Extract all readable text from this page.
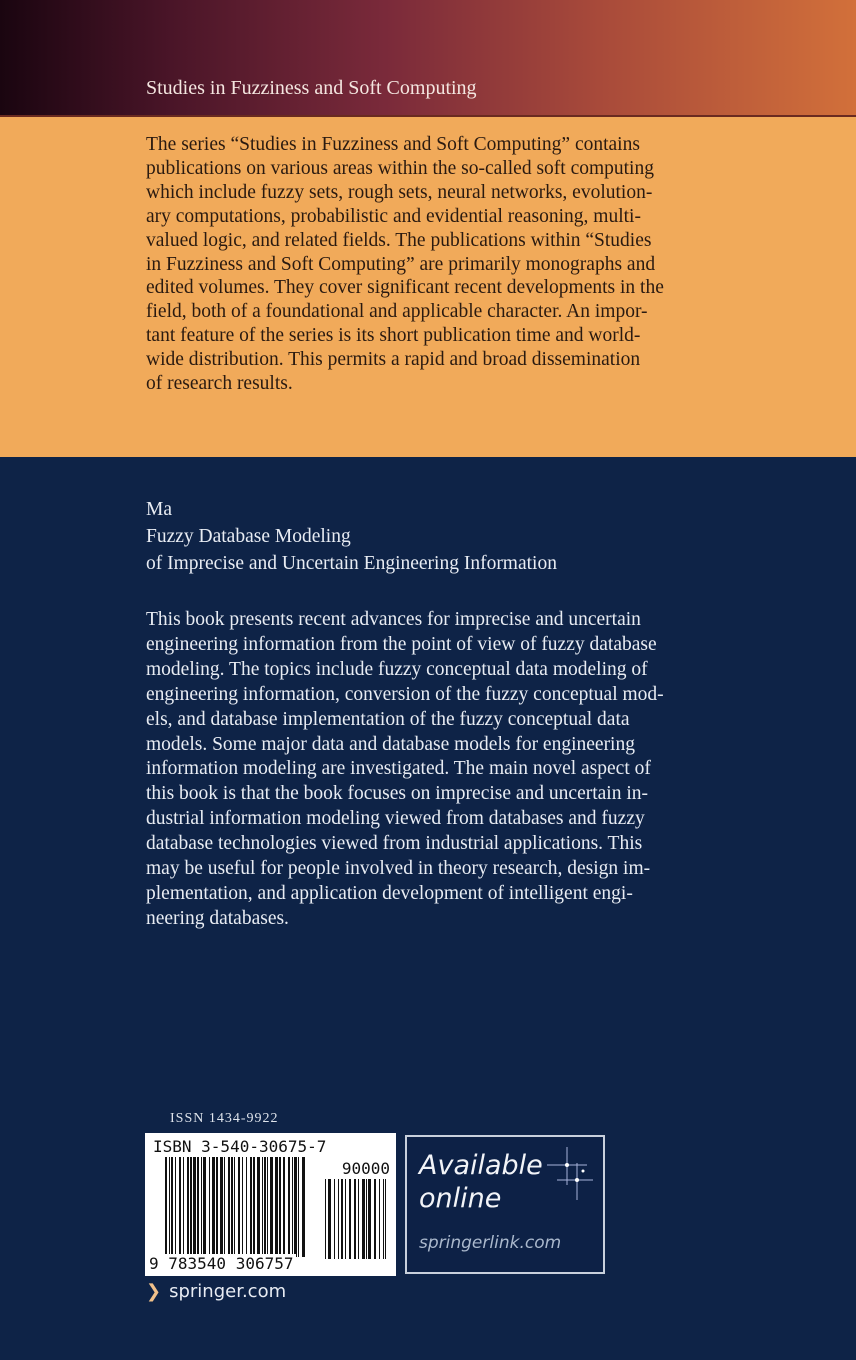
Studies in Fuzziness and Soft Computing
The series “Studies in Fuzziness and Soft Computing” contains
publications on various areas within the so-called soft computing
which include fuzzy sets, rough sets, neural networks, evolution-
ary computations, probabilistic and evidential reasoning, multi-
valued logic, and related fields. The publications within “Studies
in Fuzziness and Soft Computing” are primarily monographs and
edited volumes. They cover significant recent developments in the
field, both of a foundational and applicable character. An impor-
tant feature of the series is its short publication time and world-
wide distribution. This permits a rapid and broad dissemination
of research results.
Ma
Fuzzy Database Modeling
of Imprecise and Uncertain Engineering Information
This book presents recent advances for imprecise and uncertain
engineering information from the point of view of fuzzy database
modeling. The topics include fuzzy conceptual data modeling of
engineering information, conversion of the fuzzy conceptual mod-
els, and database implementation of the fuzzy conceptual data
models. Some major data and database models for engineering
information modeling are investigated. The main novel aspect of
this book is that the book focuses on imprecise and uncertain in-
dustrial information modeling viewed from databases and fuzzy
database technologies viewed from industrial applications. This
may be useful for people involved in theory research, design im-
plementation, and application development of intelligent engi-
neering databases.
ISSN 1434-9922
ISBN 3-540-30675-7
90000
9 783540 306757
Available
online
springerlink.com
❯ springer.com
